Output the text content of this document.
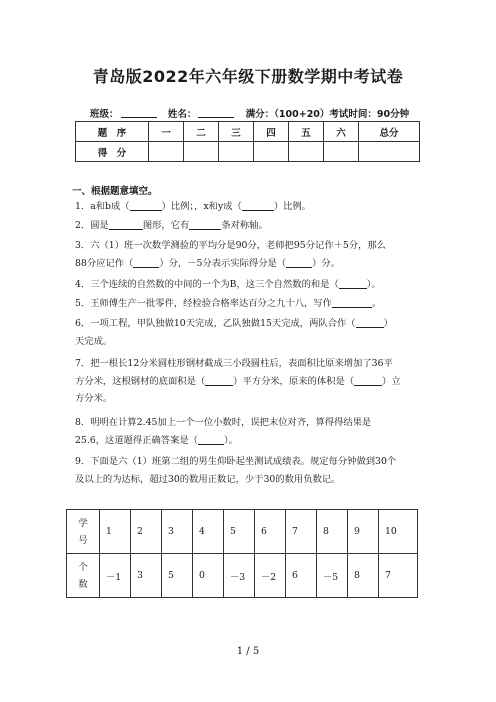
青岛版2022年六年级下册数学期中考试卷
班级：	姓名：	满分：（100+20）考试时间：90分钟
题　序	一	二	三	四	五	六	总分
得　分							
一、根据题意填空。
1．a和b成（	）比例；，x和y成（	）比例。
2．圆是	图形，它有	条对称轴。
3．六（1）班一次数学测验的平均分是90分，老师把95分记作＋5分，那么
88分应记作（	）分，－5分表示实际得分是（	）分。
4．三个连续的自然数的中间的一个为B，这三个自然数的和是（	）。
5．王师傅生产一批零件，经检验合格率达百分之九十八，写作	。
6．一项工程，甲队独做10天完成，乙队独做15天完成，两队合作（	）
天完成。
7．把一根长12分米圆柱形钢材截成三小段圆柱后，表面积比原来增加了36平
方分米，这根钢材的底面积是（	）平方分米，原来的体积是（	）立
方分米。
8．明明在计算2.45加上一个一位小数时，误把末位对齐，算得得结果是
25.6，这道题得正确答案是（	）。
9．下面是六（1）班第二组的男生仰卧起坐测试成绩表。规定每分钟做到30个
及以上的为达标，超过30的数用正数记，少于30的数用负数记。
学
号	1	2	3	4	5	6	7	8	9	10

个
数	－1	3	5	0	－3	－2	6	－5	8	7
1 / 5
